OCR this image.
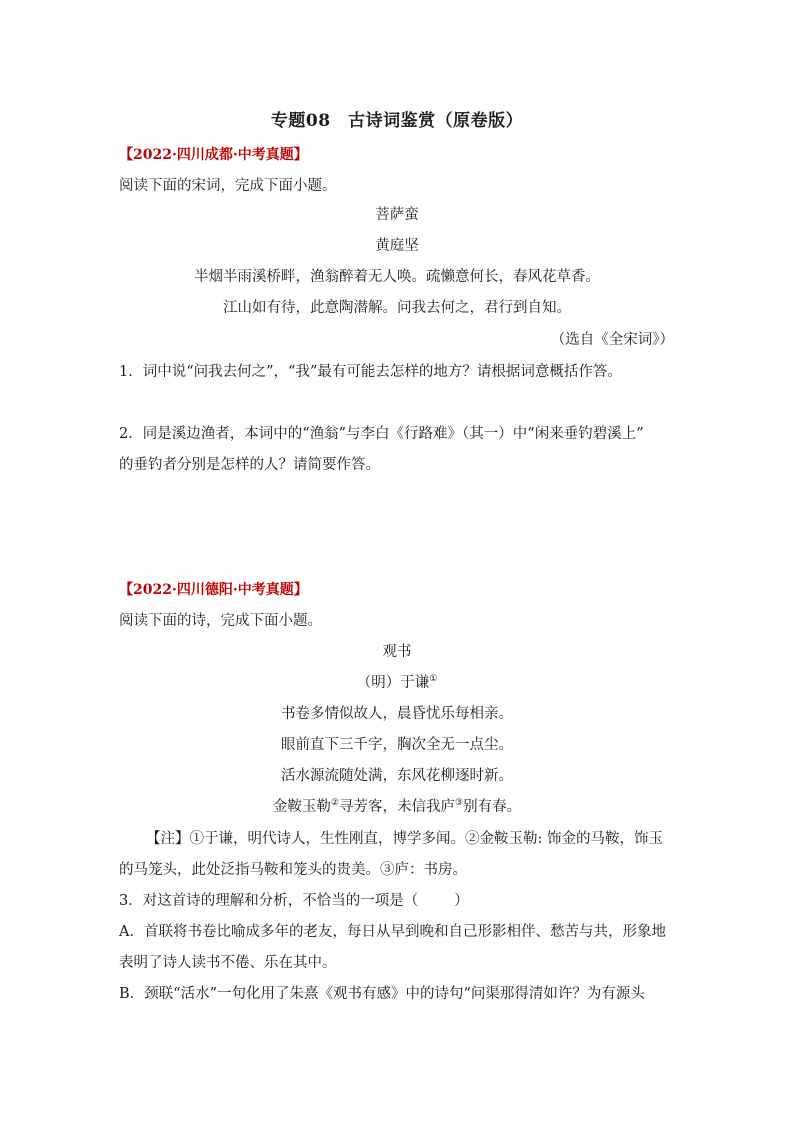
专题08　古诗词鉴赏（原卷版）
【2022·四川成都·中考真题】
阅读下面的宋词，完成下面小题。
菩萨蛮
黄庭坚
半烟半雨溪桥畔，渔翁醉着无人唤。疏懒意何长，春风花草香。
江山如有待，此意陶潜解。问我去何之，君行到自知。
（选自《全宋词》）
1．词中说“问我去何之”，“我”最有可能去怎样的地方？请根据词意概括作答。
2．同是溪边渔者，本词中的“渔翁”与李白《行路难》（其一）中“闲来垂钓碧溪上”
的垂钓者分别是怎样的人？请简要作答。
【2022·四川德阳·中考真题】
阅读下面的诗，完成下面小题。
观书
（明）于谦①
书卷多情似故人，晨昏忧乐每相亲。
眼前直下三千字，胸次全无一点尘。
活水源流随处满，东风花柳逐时新。
金鞍玉勒②寻芳客，未信我庐③别有春。
【注】①于谦，明代诗人，生性刚直，博学多闻。②金鞍玉勒: 饰金的马鞍，饰玉
的马笼头，此处泛指马鞍和笼头的贵美。③庐：书房。
3．对这首诗的理解和分析，不恰当的一项是（ ）
A．首联将书卷比喻成多年的老友，每日从早到晚和自己形影相伴、愁苦与共，形象地
表明了诗人读书不倦、乐在其中。
B．颈联“活水”一句化用了朱熹《观书有感》中的诗句“问渠那得清如许？为有源头
